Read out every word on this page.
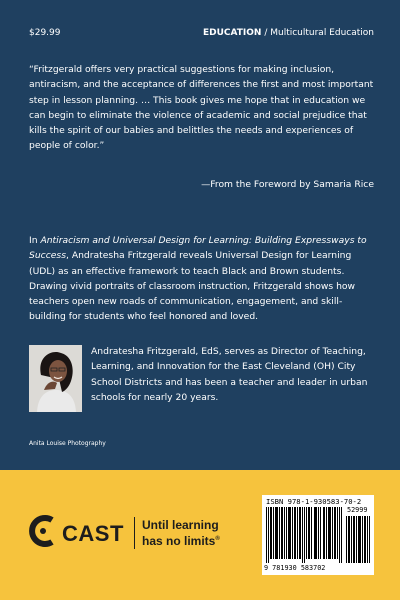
$29.99	EDUCATION / Multicultural Education

“Fritzgerald offers very practical suggestions for making inclusion, antiracism, and the acceptance of differences the first and most important step in lesson planning. … This book gives me hope that in education we can begin to eliminate the violence of academic and social prejudice that kills the spirit of our babies and belittles the needs and experiences of people of color.”

—From the Foreword by Samaria Rice

In Antiracism and Universal Design for Learning: Building Expressways to Success, Andratesha Fritzgerald reveals Universal Design for Learning (UDL) as an effective framework to teach Black and Brown students. Drawing vivid portraits of classroom instruction, Fritzgerald shows how teachers open new roads of communication, engagement, and skill-building for students who feel honored and loved.

Andratesha Fritzgerald, EdS, serves as Director of Teaching, Learning, and Innovation for the East Cleveland (OH) City School Districts and has been a teacher and leader in urban schools for nearly 20 years.

Anita Louise Photography
CAST Until learning
has no limits®
ISBN 978-1-930583-70-2
52999
9 781930 583702
